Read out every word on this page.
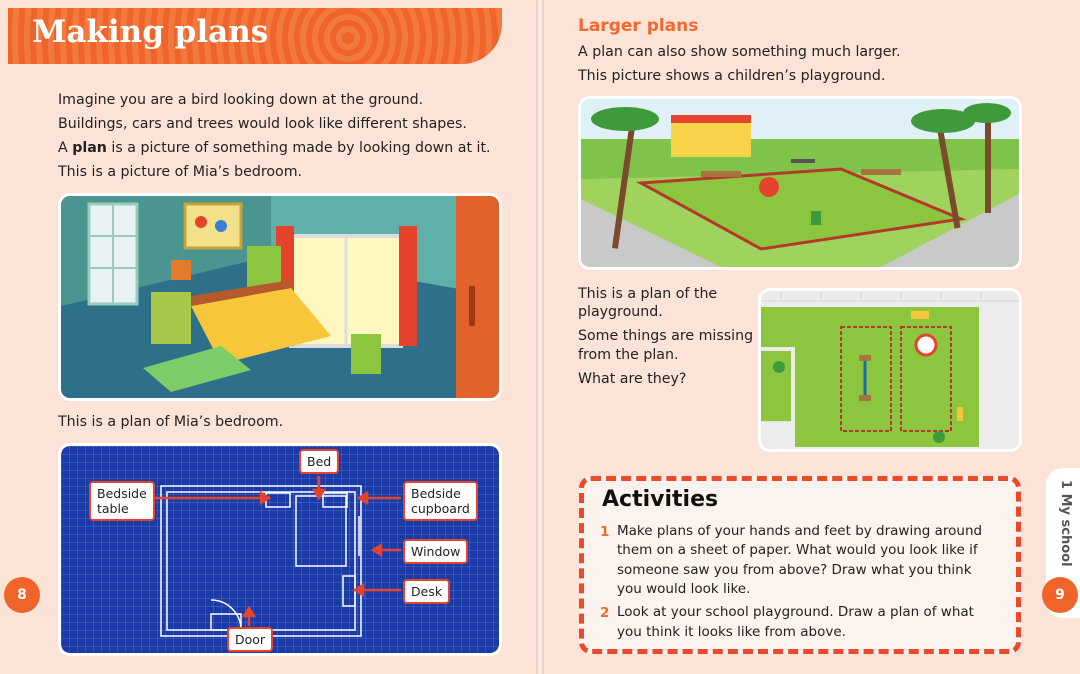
Making plans
Imagine you are a bird looking down at the ground.
Buildings, cars and trees would look like different shapes.
A plan is a picture of something made by looking down at it.
This is a picture of Mia’s bedroom.
This is a plan of Mia’s bedroom.
Bed
Bedside
table
Bedside
cupboard
Window
Desk
Door
8
Larger plans
A plan can also show something much larger.
This picture shows a children’s playground.
This is a plan of the
playground.
Some things are missing
from the plan.
What are they?
Activities
1 Make plans of your hands and feet by drawing around
them on a sheet of paper. What would you look like if
someone saw you from above? Draw what you think
you would look like.
2 Look at your school playground. Draw a plan of what
you think it looks like from above.
1 My school
9
